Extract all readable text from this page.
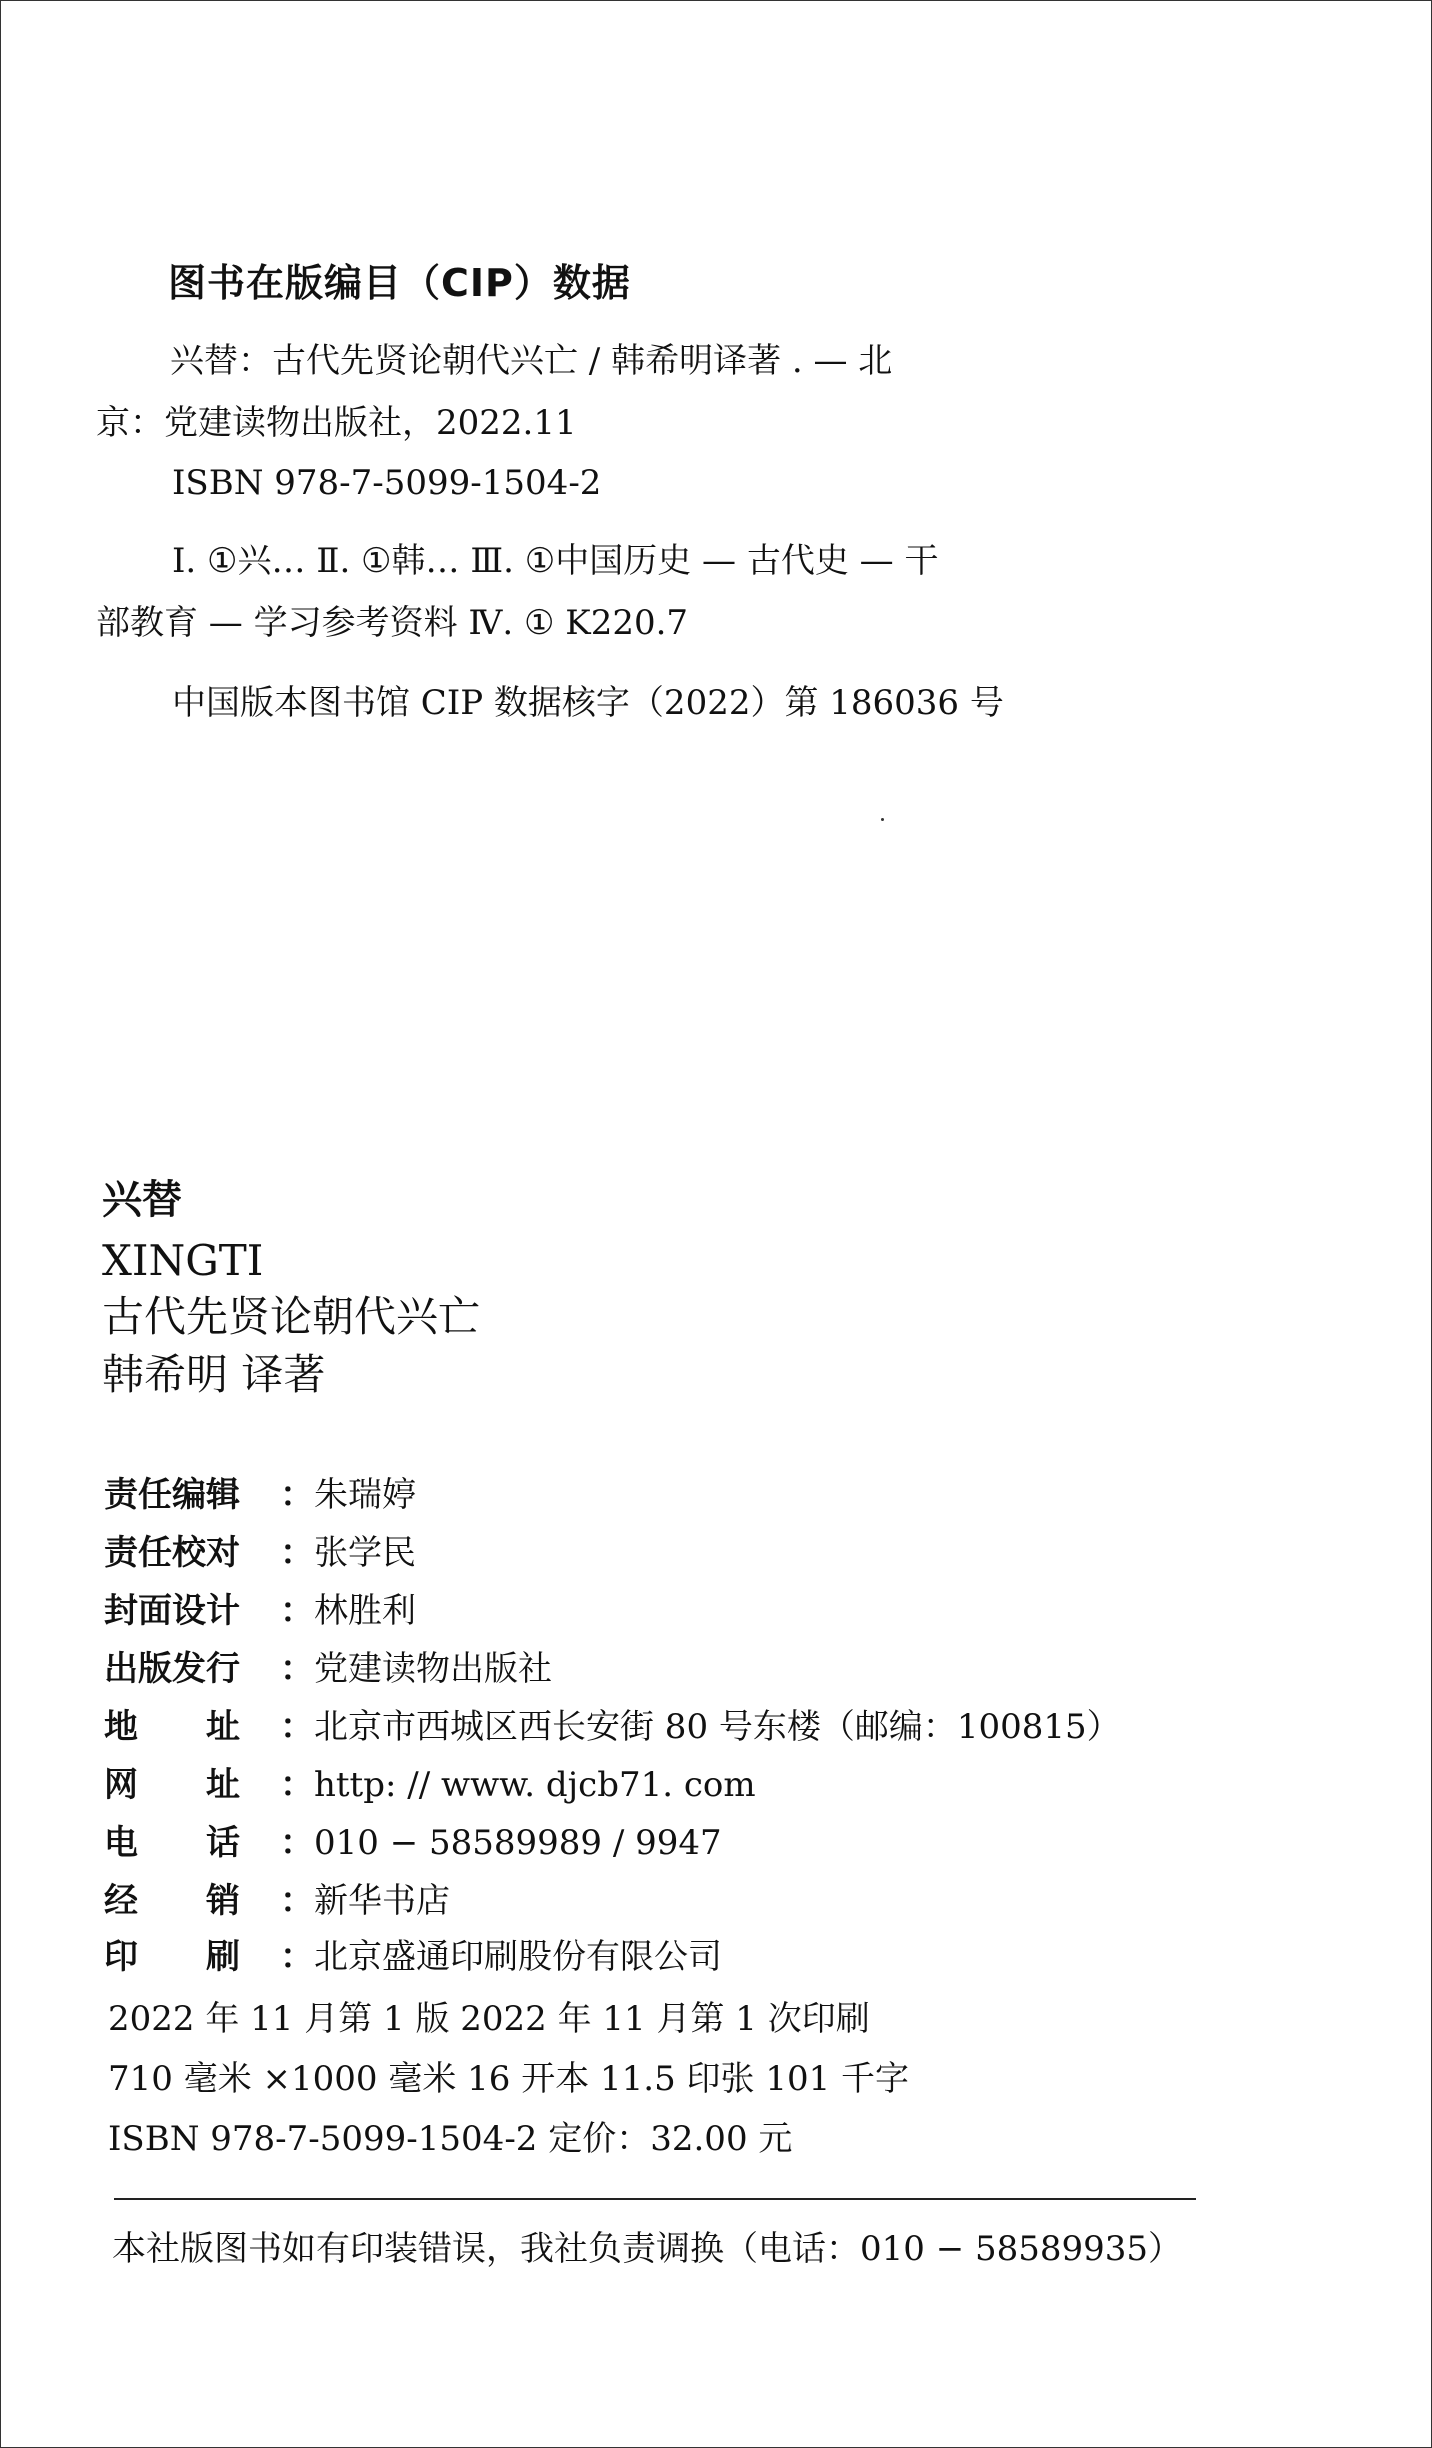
图书在版编目（CIP）数据
兴替：古代先贤论朝代兴亡 / 韩希明译著 . — 北
京：党建读物出版社，2022.11
ISBN 978-7-5099-1504-2
Ⅰ. ①兴… Ⅱ. ①韩… Ⅲ. ①中国历史 — 古代史 — 干
部教育 — 学习参考资料 Ⅳ. ① K220.7
中国版本图书馆 CIP 数据核字（2022）第 186036 号
兴替
XINGTI
古代先贤论朝代兴亡
韩希明 译著
责任编辑 ：朱瑞婷
责任校对 ：张学民
封面设计 ：林胜利
出版发行 ：党建读物出版社
地　　址 ：北京市西城区西长安街 80 号东楼（邮编：100815）
网　　址 ：http: // www. djcb71. com
电　　话 ：010 − 58589989 / 9947
经　　销 ：新华书店
印　　刷 ：北京盛通印刷股份有限公司
2022 年 11 月第 1 版 2022 年 11 月第 1 次印刷
710 毫米 ×1000 毫米 16 开本 11.5 印张 101 千字
ISBN 978-7-5099-1504-2 定价：32.00 元
本社版图书如有印装错误，我社负责调换（电话：010 − 58589935）
